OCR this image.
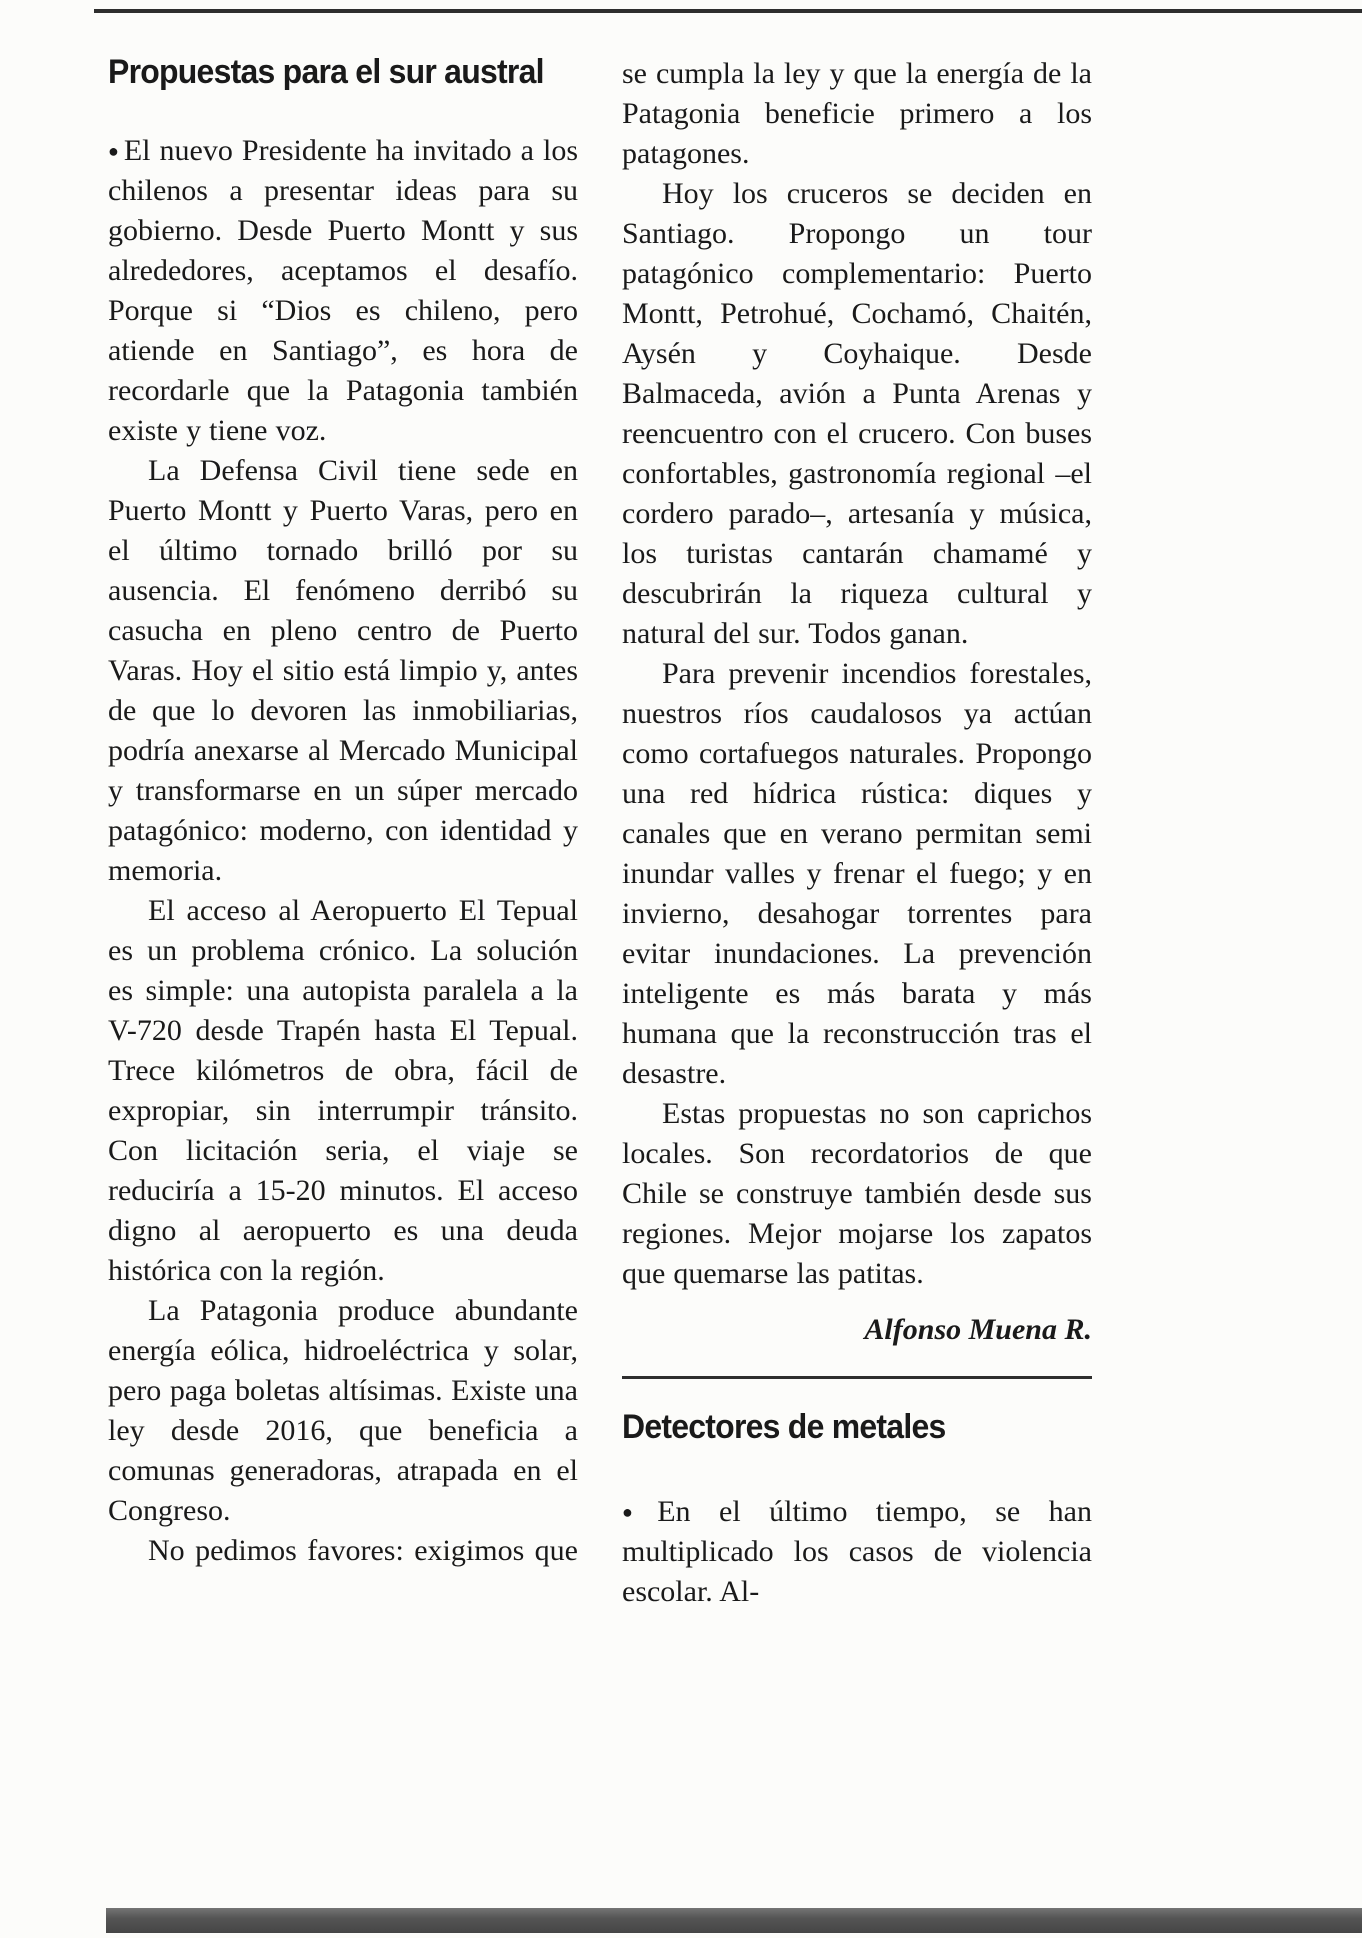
Propuestas para el sur austral

● El nuevo Presidente ha invitado a los chilenos a presentar ideas para su gobierno. Desde Puerto Montt y sus alrededores, aceptamos el desafío. Porque si “Dios es chileno, pero atiende en Santiago”, es hora de recordarle que la Patagonia también existe y tiene voz.

La Defensa Civil tiene sede en Puerto Montt y Puerto Varas, pero en el último tornado brilló por su ausencia. El fenómeno derribó su casucha en pleno centro de Puerto Varas. Hoy el sitio está limpio y, antes de que lo devoren las inmobiliarias, podría anexarse al Mercado Municipal y transformarse en un súper mercado patagónico: moderno, con identidad y memoria.

El acceso al Aeropuerto El Tepual es un problema crónico. La solución es simple: una autopista paralela a la V-720 desde Trapén hasta El Tepual. Trece kilómetros de obra, fácil de expropiar, sin interrumpir tránsito. Con licitación seria, el viaje se reduciría a 15-20 minutos. El acceso digno al aeropuerto es una deuda histórica con la región.

La Patagonia produce abundante energía eólica, hidroeléctrica y solar, pero paga boletas altísimas. Existe una ley desde 2016, que beneficia a comunas generadoras, atrapada en el Congreso.

No pedimos favores: exigimos que

se cumpla la ley y que la energía de la Patagonia beneficie primero a los patagones.

Hoy los cruceros se deciden en Santiago. Propongo un tour patagónico complementario: Puerto Montt, Petrohué, Cochamó, Chaitén, Aysén y Coyhaique. Desde Balmaceda, avión a Punta Arenas y reencuentro con el crucero. Con buses confortables, gastronomía regional –el cordero parado–, artesanía y música, los turistas cantarán chamamé y descubrirán la riqueza cultural y natural del sur. Todos ganan.

Para prevenir incendios forestales, nuestros ríos caudalosos ya actúan como cortafuegos naturales. Propongo una red hídrica rústica: diques y canales que en verano permitan semi inundar valles y frenar el fuego; y en invierno, desahogar torrentes para evitar inundaciones. La prevención inteligente es más barata y más humana que la reconstrucción tras el desastre.

Estas propuestas no son caprichos locales. Son recordatorios de que Chile se construye también desde sus regiones. Mejor mojarse los zapatos que quemarse las patitas.

Alfonso Muena R.

Detectores de metales

● En el último tiempo, se han multiplicado los casos de violencia escolar. Al-
